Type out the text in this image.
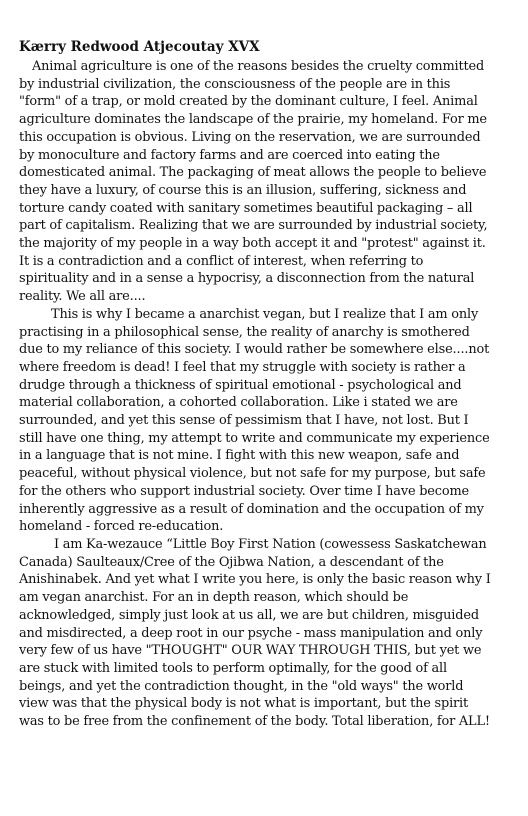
Kærry Redwood Atjecoutay XVX

Animal agriculture is one of the reasons besides the cruelty committed by industrial civilization, the consciousness of the people are in this "form" of a trap, or mold created by the dominant culture, I feel. Animal agriculture dominates the landscape of the prairie, my homeland. For me this occupation is obvious. Living on the reservation, we are surrounded by monoculture and factory farms and are coerced into eating the domesticated animal. The packaging of meat allows the people to believe they have a luxury, of course this is an illusion, suffering, sickness and torture candy coated with sanitary sometimes beautiful packaging – all part of capitalism. Realizing that we are surrounded by industrial society, the majority of my people in a way both accept it and "protest" against it. It is a contradiction and a conflict of interest, when referring to spirituality and in a sense a hypocrisy, a disconnection from the natural reality. We all are....

This is why I became a anarchist vegan, but I realize that I am only practising in a philosophical sense, the reality of anarchy is smothered due to my reliance of this society. I would rather be somewhere else....not where freedom is dead! I feel that my struggle with society is rather a drudge through a thickness of spiritual emotional - psychological and material collaboration, a cohorted collaboration. Like i stated we are surrounded, and yet this sense of pessimism that I have, not lost. But I still have one thing, my attempt to write and communicate my experience in a language that is not mine. I fight with this new weapon, safe and peaceful, without physical violence, but not safe for my purpose, but safe for the others who support industrial society. Over time I have become inherently aggressive as a result of domination and the occupation of my homeland - forced re-education.

I am Ka-wezauce “Little Boy First Nation (cowessess Saskatchewan Canada) Saulteaux/Cree of the Ojibwa Nation, a descendant of the Anishinabek. And yet what I write you here, is only the basic reason why I am vegan anarchist. For an in depth reason, which should be acknowledged, simply just look at us all, we are but children, misguided and misdirected, a deep root in our psyche - mass manipulation and only very few of us have "THOUGHT" OUR WAY THROUGH THIS, but yet we are stuck with limited tools to perform optimally, for the good of all beings, and yet the contradiction thought, in the "old ways" the world view was that the physical body is not what is important, but the spirit was to be free from the confinement of the body. Total liberation, for ALL!
